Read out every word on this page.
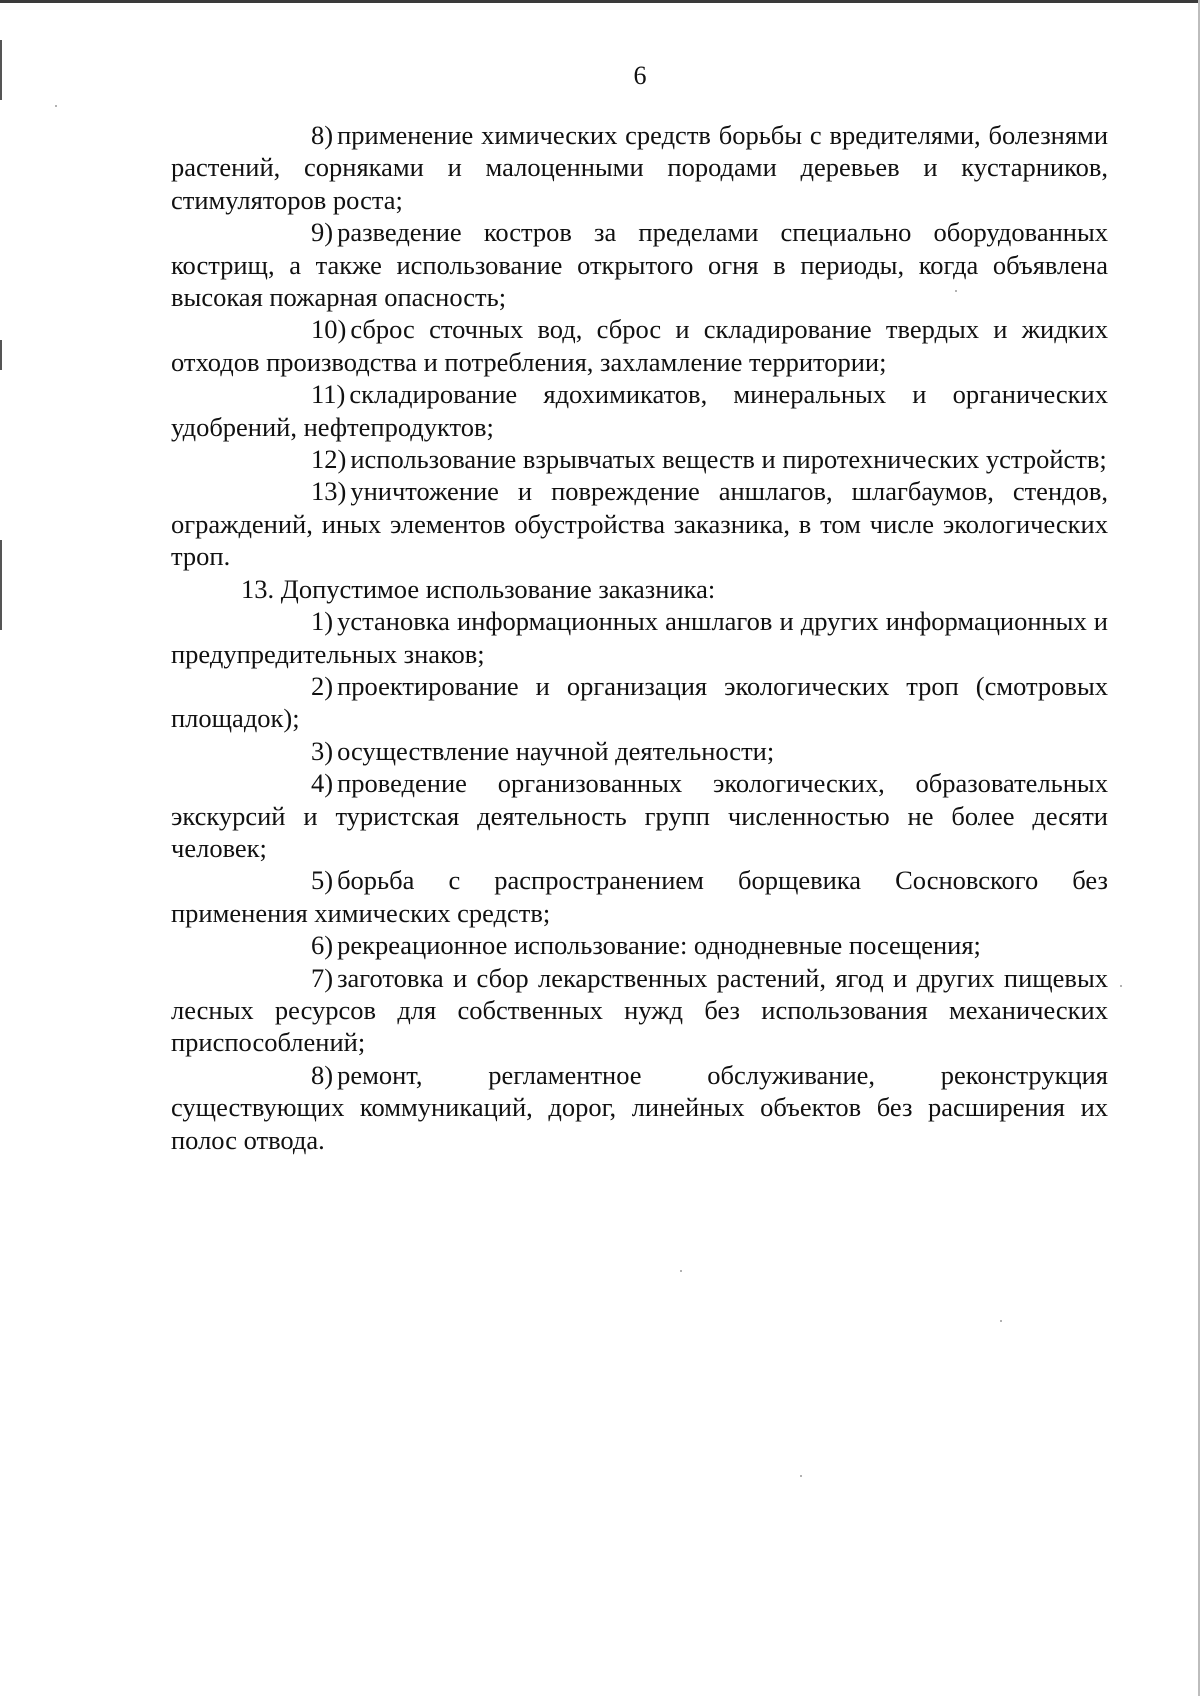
6

8) применение химических средств борьбы с вредителями, болезнями растений, сорняками и малоценными породами деревьев и кустарников, стимуляторов роста;

9) разведение костров за пределами специально оборудованных кострищ, а также использование открытого огня в периоды, когда объявлена высокая пожарная опасность;

10) сброс сточных вод, сброс и складирование твердых и жидких отходов производства и потребления, захламление территории;

11) складирование ядохимикатов, минеральных и органических удобрений, нефтепродуктов;

12) использование взрывчатых веществ и пиротехнических устройств;

13) уничтожение и повреждение аншлагов, шлагбаумов, стендов, ограждений, иных элементов обустройства заказника, в том числе экологических троп.

13. Допустимое использование заказника:

1) установка информационных аншлагов и других информационных и предупредительных знаков;

2) проектирование и организация экологических троп (смотровых площадок);

3) осуществление научной деятельности;

4) проведение организованных экологических, образовательных экскурсий и туристская деятельность групп численностью не более десяти человек;

5) борьба с распространением борщевика Сосновского без применения химических средств;

6) рекреационное использование: однодневные посещения;

7) заготовка и сбор лекарственных растений, ягод и других пищевых лесных ресурсов для собственных нужд без использования механических приспособлений;

8) ремонт, регламентное обслуживание, реконструкция существующих коммуникаций, дорог, линейных объектов без расширения их полос отвода.
